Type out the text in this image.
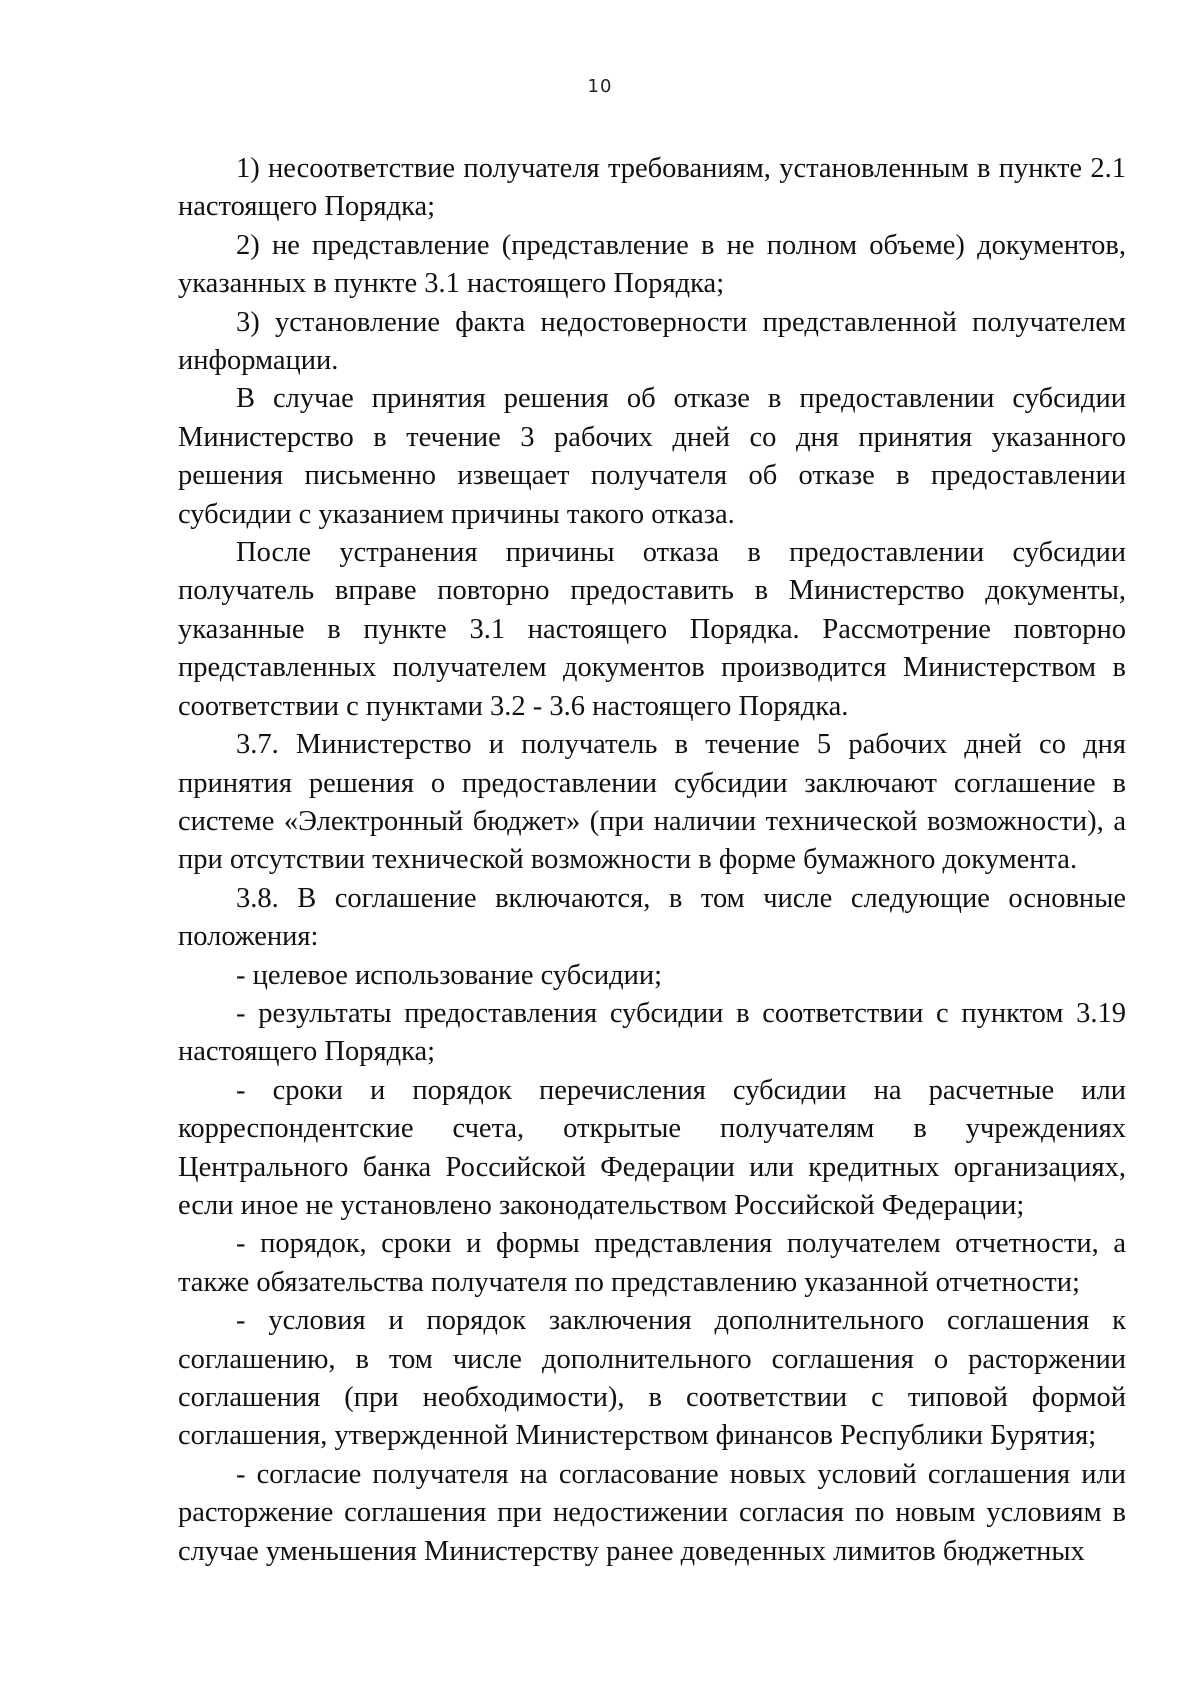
10

1) несоответствие получателя требованиям, установленным в пункте 2.1 настоящего Порядка;

2) не представление (представление в не полном объеме) документов, указанных в пункте 3.1 настоящего Порядка;

3) установление факта недостоверности представленной получателем информации.

В случае принятия решения об отказе в предоставлении субсидии Министерство в течение 3 рабочих дней со дня принятия указанного решения письменно извещает получателя об отказе в предоставлении субсидии с указанием причины такого отказа.

После устранения причины отказа в предоставлении субсидии получатель вправе повторно предоставить в Министерство документы, указанные в пункте 3.1 настоящего Порядка. Рассмотрение повторно представленных получателем документов производится Министерством в соответствии с пунктами 3.2 - 3.6 настоящего Порядка.

3.7. Министерство и получатель в течение 5 рабочих дней со дня принятия решения о предоставлении субсидии заключают соглашение в системе «Электронный бюджет» (при наличии технической возможности), а при отсутствии технической возможности в форме бумажного документа.

3.8. В соглашение включаются, в том числе следующие основные положения:

- целевое использование субсидии;

- результаты предоставления субсидии в соответствии с пунктом 3.19 настоящего Порядка;

- сроки и порядок перечисления субсидии на расчетные или корреспондентские счета, открытые получателям в учреждениях Центрального банка Российской Федерации или кредитных организациях, если иное не установлено законодательством Российской Федерации;

- порядок, сроки и формы представления получателем отчетности, а также обязательства получателя по представлению указанной отчетности;

- условия и порядок заключения дополнительного соглашения к соглашению, в том числе дополнительного соглашения о расторжении соглашения (при необходимости), в соответствии с типовой формой соглашения, утвержденной Министерством финансов Республики Бурятия;

- согласие получателя на согласование новых условий соглашения или расторжение соглашения при недостижении согласия по новым условиям в случае уменьшения Министерству ранее доведенных лимитов бюджетных
